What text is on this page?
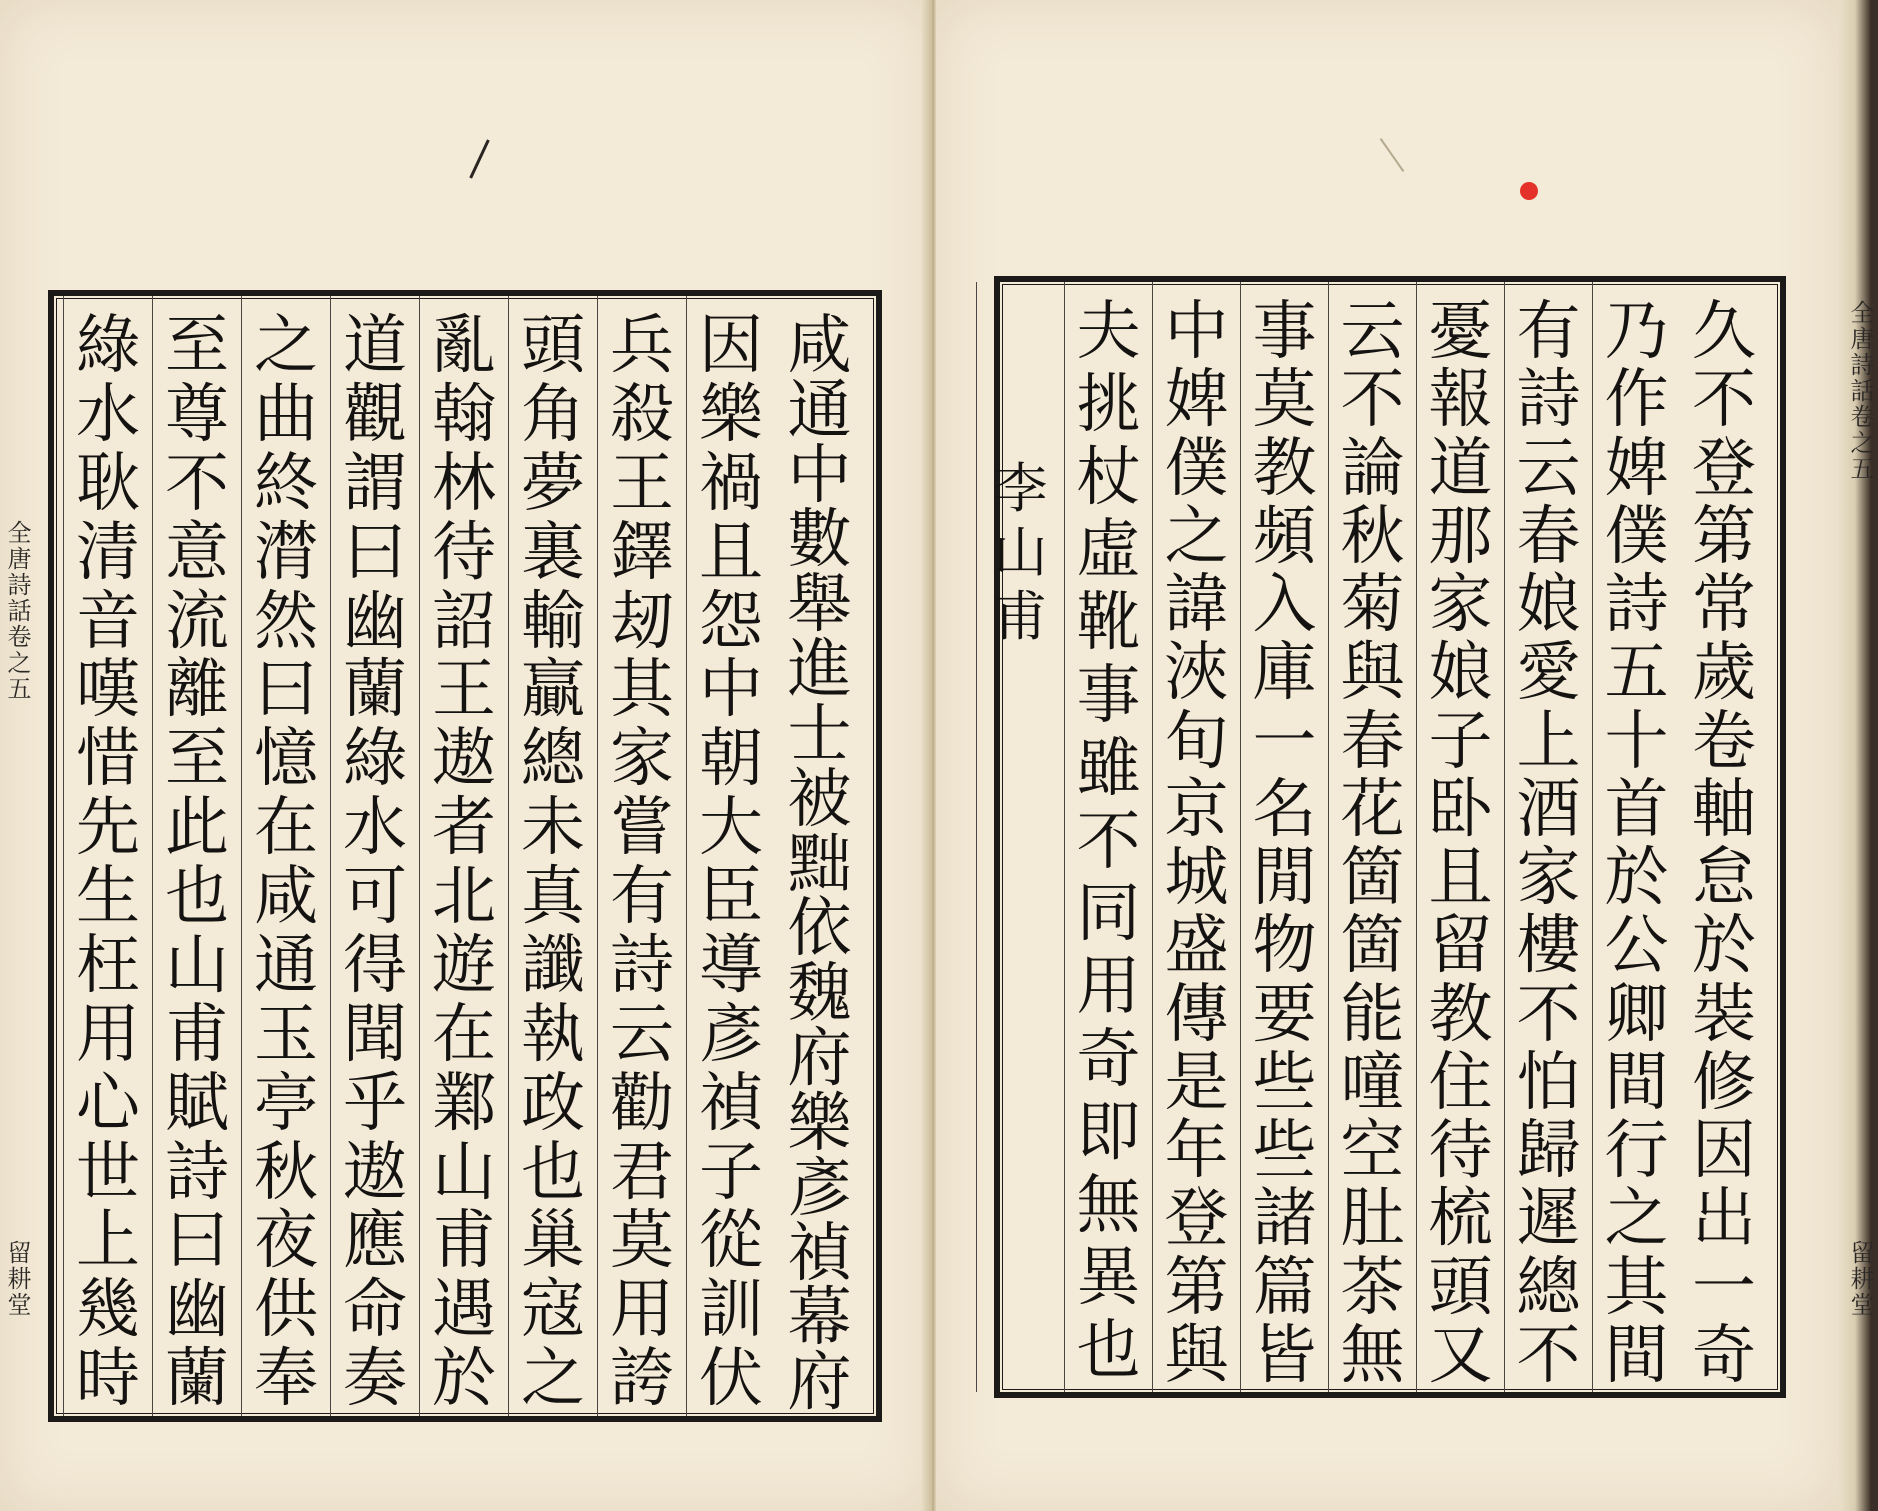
全唐詩話卷之五
留耕堂
咸
通
中
數
舉
進
士
被
黜
依
魏
府
樂
彥
禎
幕
府
因
樂
禍
且
怨
中
朝
大
臣
導
彥
禎
子
從
訓
伏
兵
殺
王
鐸
刼
其
家
嘗
有
詩
云
勸
君
莫
用
誇
頭
角
夢
裏
輸
贏
總
未
真
讖
執
政
也
巢
寇
之
亂
翰
林
待
詔
王
遨
者
北
遊
在
鄴
山
甫
遇
於
道
觀
謂
曰
幽
蘭
綠
水
可
得
聞
乎
遨
應
命
奏
之
曲
終
潸
然
曰
憶
在
咸
通
玉
亭
秋
夜
供
奉
至
尊
不
意
流
離
至
此
也
山
甫
賦
詩
曰
幽
蘭
綠
水
耿
清
音
嘆
惜
先
生
枉
用
心
世
上
幾
時
久
不
登
第
常
歲
卷
軸
怠
於
裝
修
因
出
一
奇
乃
作
婢
僕
詩
五
十
首
於
公
卿
間
行
之
其
間
有
詩
云
春
娘
愛
上
酒
家
樓
不
怕
歸
遲
總
不
憂
報
道
那
家
娘
子
卧
且
留
教
住
待
梳
頭
又
云
不
論
秋
菊
與
春
花
箇
箇
能
噇
空
肚
茶
無
事
莫
教
頻
入
庫
一
名
閒
物
要
些
些
諸
篇
皆
中
婢
僕
之
諱
浹
旬
京
城
盛
傳
是
年
登
第
與
夫
挑
杖
虛
靴
事
雖
不
同
用
奇
即
無
異
也
李
山
甫
全唐詩話卷之五
留耕堂
